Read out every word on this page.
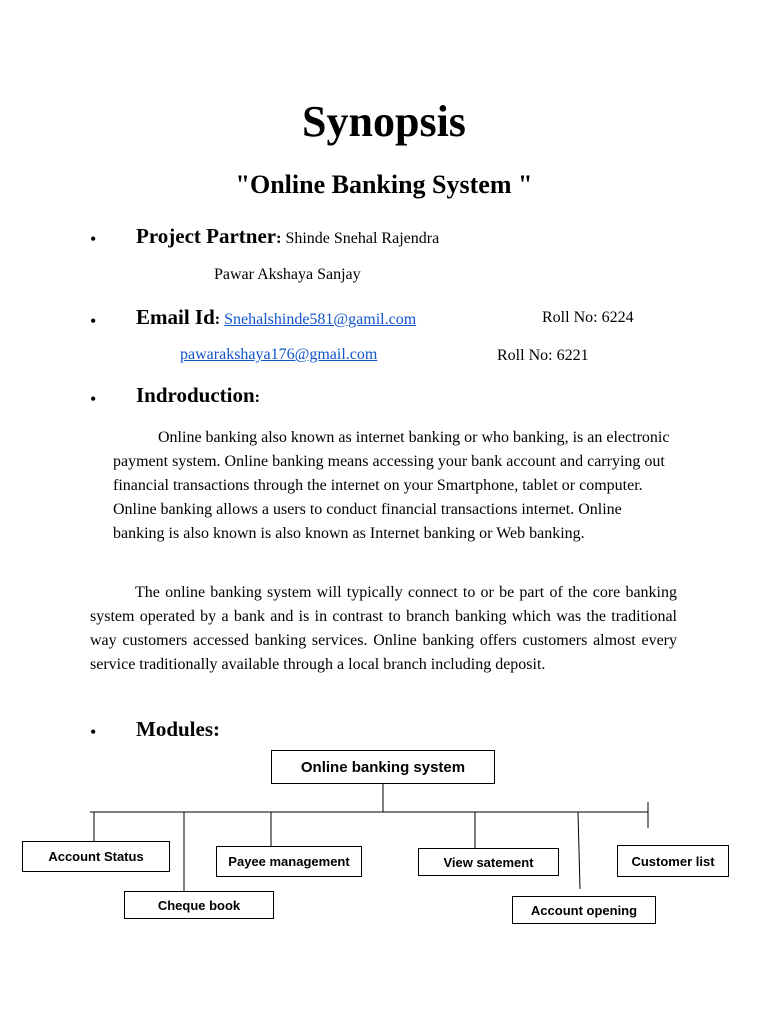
Synopsis
"Online Banking System "
• Project Partner: Shinde Snehal Rajendra
Pawar Akshaya Sanjay
• Email Id: Snehalshinde581@gamil.com	Roll No: 6224
pawarakshaya176@gmail.com	Roll No: 6221
• Indroduction:
Online banking also known as internet banking or who banking, is an electronic payment system. Online banking means accessing your bank account and carrying out financial transactions through the internet on your Smartphone, tablet or computer. Online banking allows a users to conduct financial transactions internet. Online banking is also known is also known as Internet banking or Web banking.
The online banking system will typically connect to or be part of the core banking system operated by a bank and is in contrast to branch banking which was the traditional way customers accessed banking services. Online banking offers customers almost every service traditionally available through a local branch including deposit.
• Modules:
Online banking system
Account Status
Cheque book
Payee management	View satement
Account opening
Customer list
